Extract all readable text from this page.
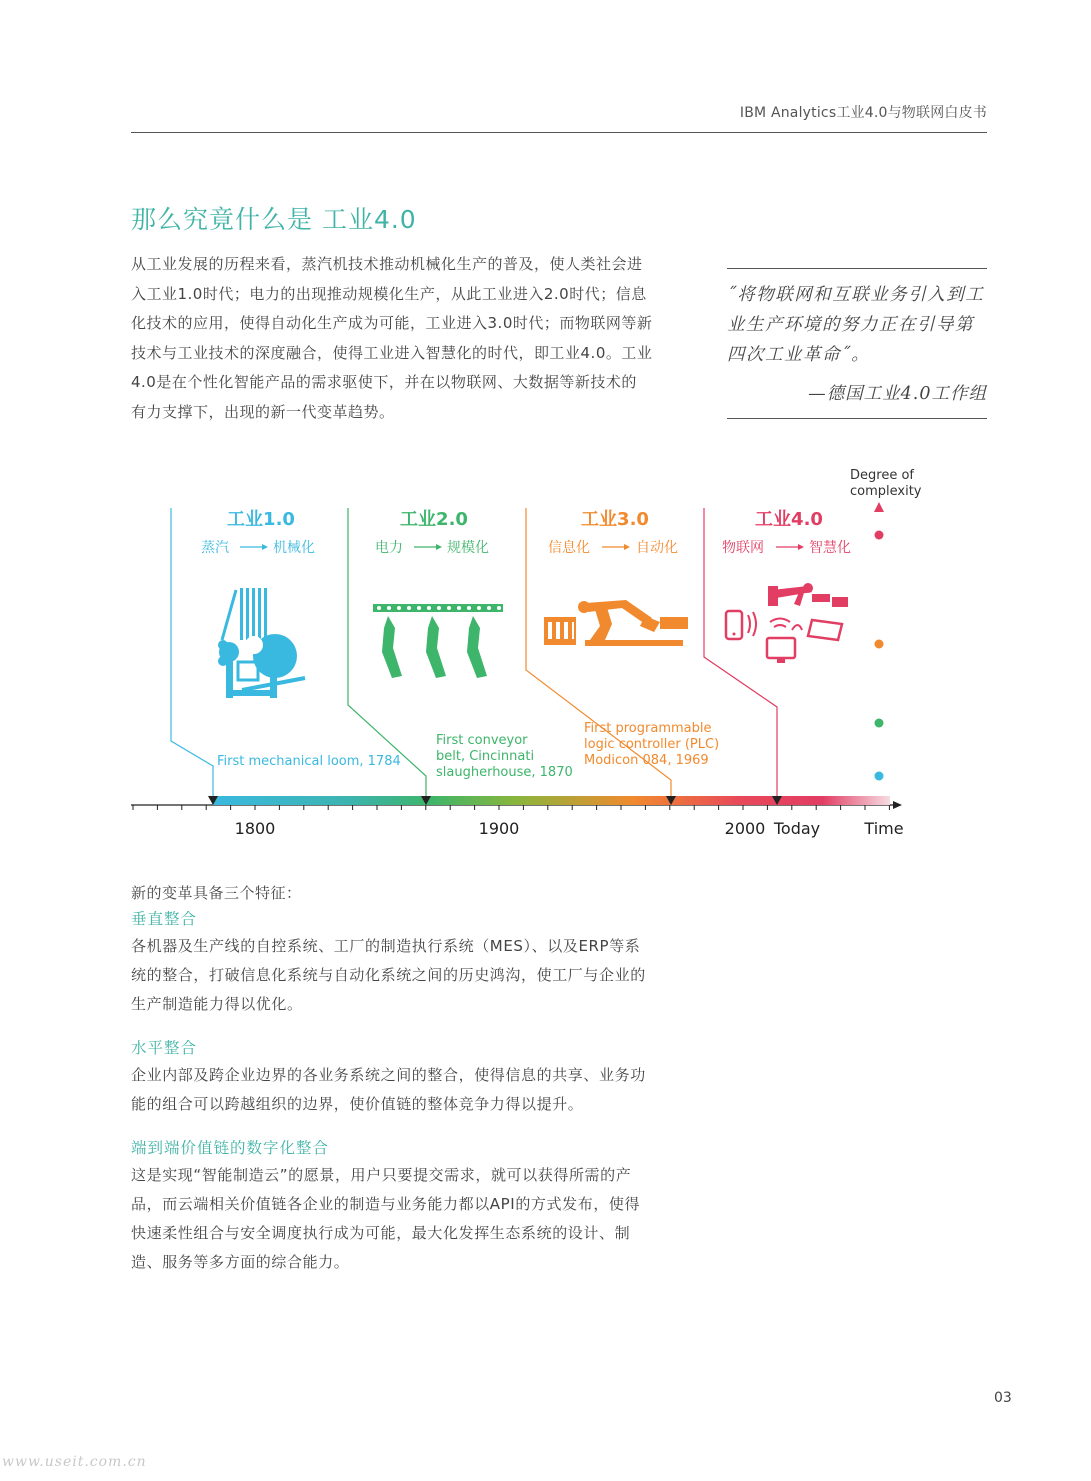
IBM Analytics工业4.0与物联网白皮书
那么究竟什么是 工业4.0
从工业发展的历程来看，蒸汽机技术推动机械化生产的普及，使人类社会进
入工业1.0时代；电力的出现推动规模化生产，从此工业进入2.0时代；信息
化技术的应用，使得自动化生产成为可能，工业进入3.0时代；而物联网等新
技术与工业技术的深度融合，使得工业进入智慧化的时代，即工业4.0。工业
4.0是在个性化智能产品的需求驱使下，并在以物联网、大数据等新技术的
有力支撑下，出现的新一代变革趋势。
˝将物联网和互联业务引入到工
业生产环境的努力正在引导第
四次工业革命˝。
—德国工业4.0工作组
工业1.0	工业2.0	工业3.0	工业4.0
蒸汽	机械化	电力	规模化	信息化	自动化	物联网	智慧化
Degree of
complexity
First mechanical loom, 1784
First conveyor
belt, Cincinnati
slaugherhouse, 1870
First programmable
logic controller (PLC)
Modicon 084, 1969
1800	1900	2000 Today	Time
新的变革具备三个特征：
垂直整合
各机器及生产线的自控系统、工厂的制造执行系统（MES）、以及ERP等系
统的整合，打破信息化系统与自动化系统之间的历史鸿沟，使工厂与企业的
生产制造能力得以优化。
水平整合
企业内部及跨企业边界的各业务系统之间的整合，使得信息的共享、业务功
能的组合可以跨越组织的边界，使价值链的整体竞争力得以提升。
端到端价值链的数字化整合
这是实现“智能制造云”的愿景，用户只要提交需求，就可以获得所需的产
品，而云端相关价值链各企业的制造与业务能力都以API的方式发布，使得
快速柔性组合与安全调度执行成为可能，最大化发挥生态系统的设计、制
造、服务等多方面的综合能力。
03
www.useit.com.cn
